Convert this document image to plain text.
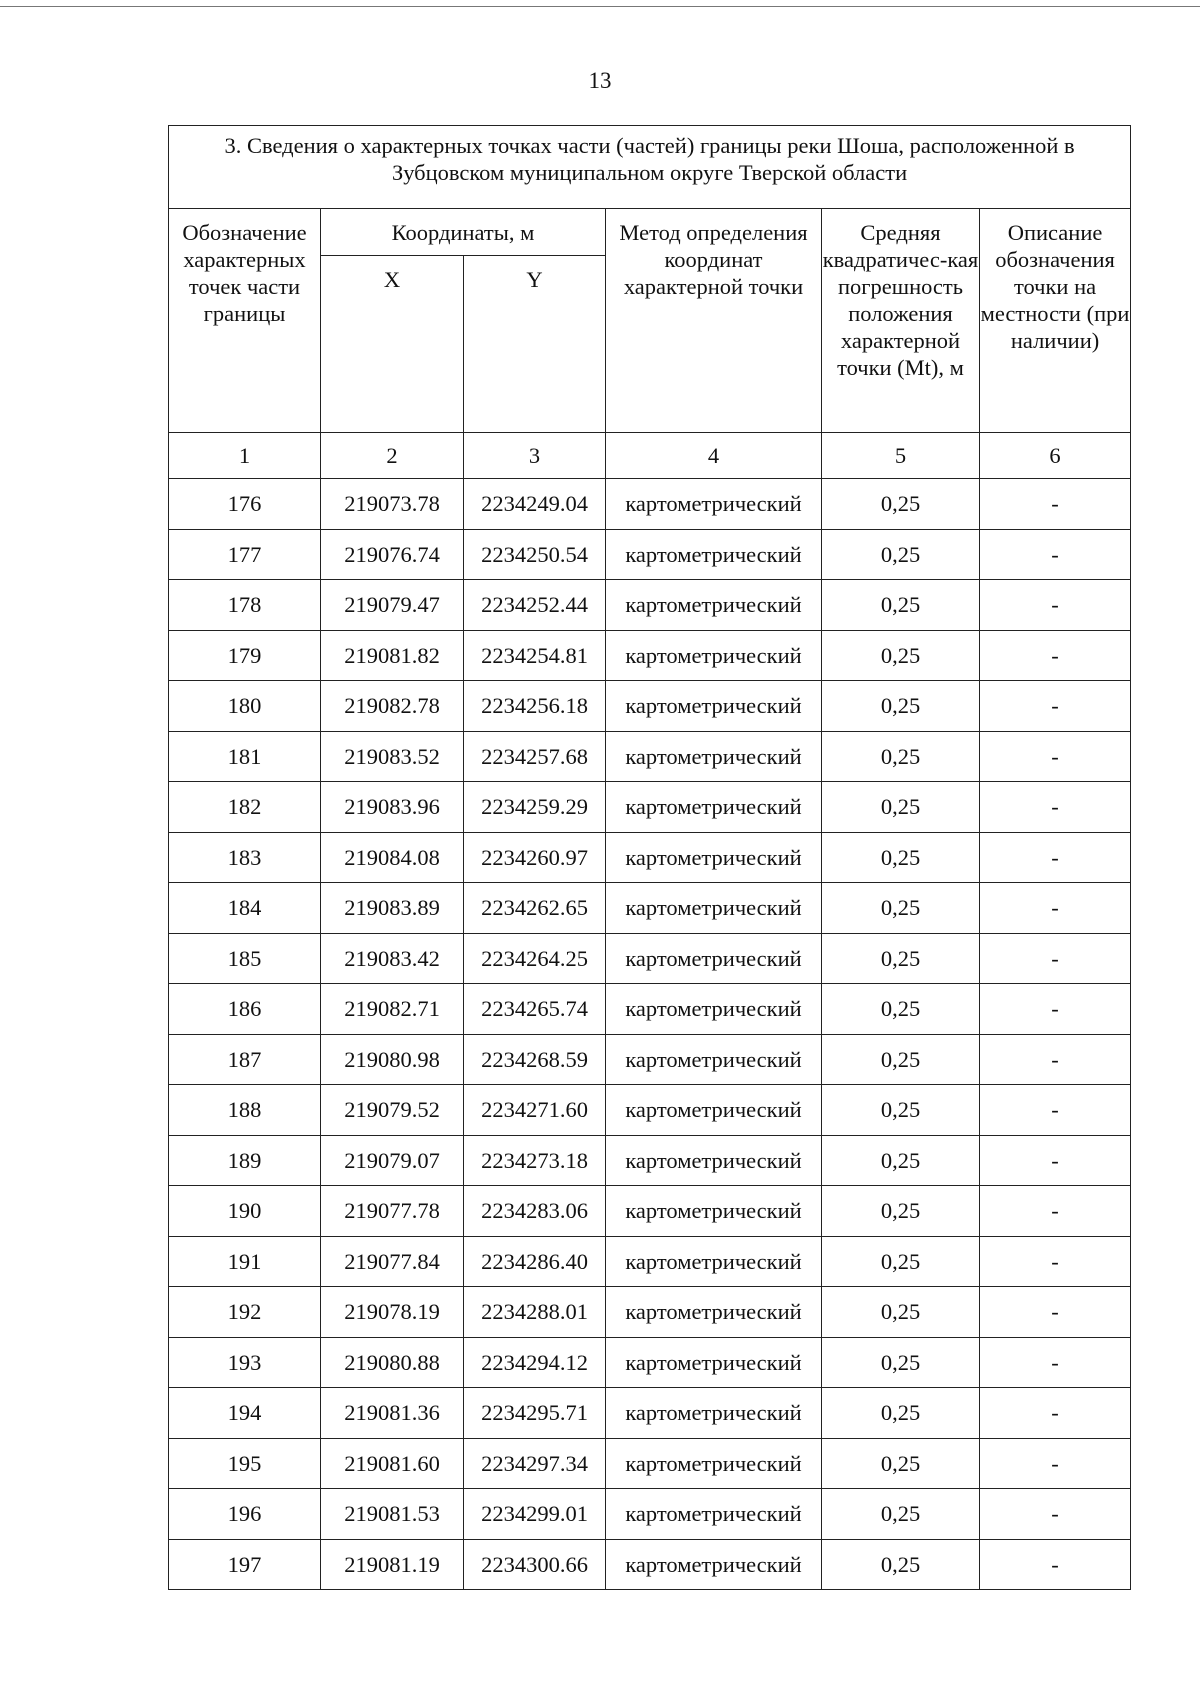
13
3. Сведения о характерных точках части (частей) границы реки Шоша, расположенной в Зубцовском муниципальном округе Тверской области					
Обозначение характерных точек части границы	Координаты, м		Метод определения координат характерной точки	Средняя квадратичес-кая погрешность положения характерной точки (Mt), м	Описание обозначения точки на местности (при наличии)
	X	Y			
1	2	3	4	5	6
176	219073.78	2234249.04	картометрический	0,25	-
177	219076.74	2234250.54	картометрический	0,25	-
178	219079.47	2234252.44	картометрический	0,25	-
179	219081.82	2234254.81	картометрический	0,25	-
180	219082.78	2234256.18	картометрический	0,25	-
181	219083.52	2234257.68	картометрический	0,25	-
182	219083.96	2234259.29	картометрический	0,25	-
183	219084.08	2234260.97	картометрический	0,25	-
184	219083.89	2234262.65	картометрический	0,25	-
185	219083.42	2234264.25	картометрический	0,25	-
186	219082.71	2234265.74	картометрический	0,25	-
187	219080.98	2234268.59	картометрический	0,25	-
188	219079.52	2234271.60	картометрический	0,25	-
189	219079.07	2234273.18	картометрический	0,25	-
190	219077.78	2234283.06	картометрический	0,25	-
191	219077.84	2234286.40	картометрический	0,25	-
192	219078.19	2234288.01	картометрический	0,25	-
193	219080.88	2234294.12	картометрический	0,25	-
194	219081.36	2234295.71	картометрический	0,25	-
195	219081.60	2234297.34	картометрический	0,25	-
196	219081.53	2234299.01	картометрический	0,25	-
197	219081.19	2234300.66	картометрический	0,25	-
